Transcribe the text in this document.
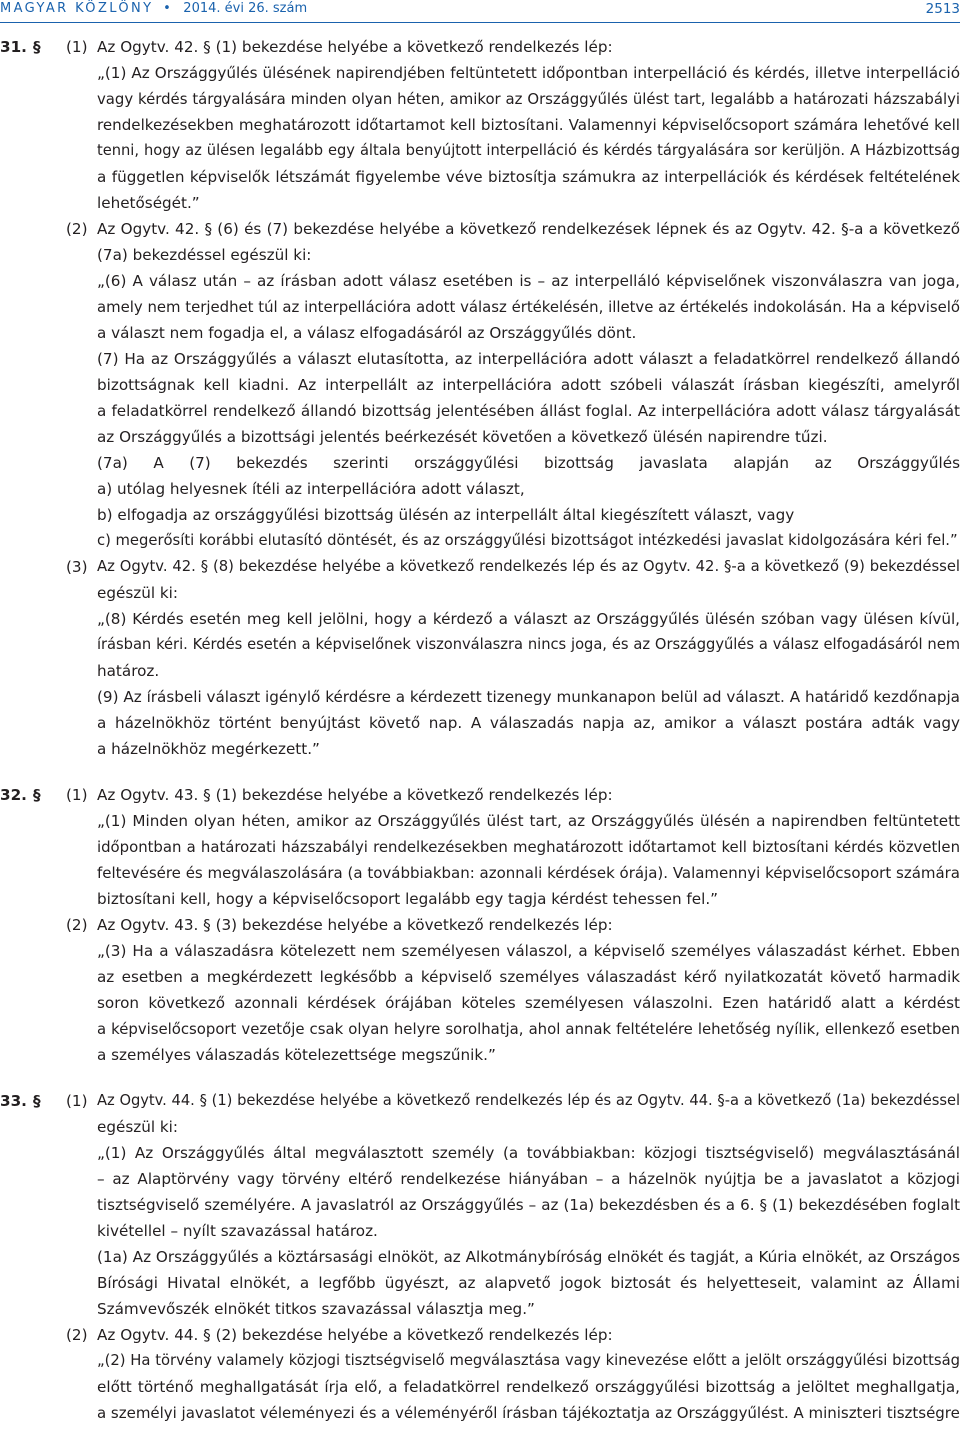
MAGYAR KÖZLÖNY • 2014. évi 26. szám	2513
31. § (1) Az Ogytv. 42. § (1) bekezdése helyébe a következő rendelkezés lép:
„(1) Az Országgyűlés ülésének napirendjében feltüntetett időpontban interpelláció és kérdés, illetve interpelláció
vagy kérdés tárgyalására minden olyan héten, amikor az Országgyűlés ülést tart, legalább a határozati házszabályi
rendelkezésekben meghatározott időtartamot kell biztosítani. Valamennyi képviselőcsoport számára lehetővé kell
tenni, hogy az ülésen legalább egy általa benyújtott interpelláció és kérdés tárgyalására sor kerüljön. A Házbizottság
a független képviselők létszámát figyelembe véve biztosítja számukra az interpellációk és kérdések feltételének
lehetőségét.”
(2) Az Ogytv. 42. § (6) és (7) bekezdése helyébe a következő rendelkezések lépnek és az Ogytv. 42. §-a a következő
(7a) bekezdéssel egészül ki:
„(6) A válasz után – az írásban adott válasz esetében is – az interpelláló képviselőnek viszonválaszra van joga,
amely nem terjedhet túl az interpellációra adott válasz értékelésén, illetve az értékelés indokolásán. Ha a képviselő
a választ nem fogadja el, a válasz elfogadásáról az Országgyűlés dönt.
(7) Ha az Országgyűlés a választ elutasította, az interpellációra adott választ a feladatkörrel rendelkező állandó
bizottságnak kell kiadni. Az interpellált az interpellációra adott szóbeli válaszát írásban kiegészíti, amelyről
a feladatkörrel rendelkező állandó bizottság jelentésében állást foglal. Az interpellációra adott válasz tárgyalását
az Országgyűlés a bizottsági jelentés beérkezését követően a következő ülésén napirendre tűzi.
(7a) A (7) bekezdés szerinti országgyűlési bizottság javaslata alapján az Országgyűlés
a) utólag helyesnek ítéli az interpellációra adott választ,
b) elfogadja az országgyűlési bizottság ülésén az interpellált által kiegészített választ, vagy
c) megerősíti korábbi elutasító döntését, és az országgyűlési bizottságot intézkedési javaslat kidolgozására kéri fel.”
(3) Az Ogytv. 42. § (8) bekezdése helyébe a következő rendelkezés lép és az Ogytv. 42. §-a a következő (9) bekezdéssel
egészül ki:
„(8) Kérdés esetén meg kell jelölni, hogy a kérdező a választ az Országgyűlés ülésén szóban vagy ülésen kívül,
írásban kéri. Kérdés esetén a képviselőnek viszonválaszra nincs joga, és az Országgyűlés a válasz elfogadásáról nem
határoz.
(9) Az írásbeli választ igénylő kérdésre a kérdezett tizenegy munkanapon belül ad választ. A határidő kezdőnapja
a házelnökhöz történt benyújtást követő nap. A válaszadás napja az, amikor a választ postára adták vagy
a házelnökhöz megérkezett.”
32. § (1) Az Ogytv. 43. § (1) bekezdése helyébe a következő rendelkezés lép:
„(1) Minden olyan héten, amikor az Országgyűlés ülést tart, az Országgyűlés ülésén a napirendben feltüntetett
időpontban a határozati házszabályi rendelkezésekben meghatározott időtartamot kell biztosítani kérdés közvetlen
feltevésére és megválaszolására (a továbbiakban: azonnali kérdések órája). Valamennyi képviselőcsoport számára
biztosítani kell, hogy a képviselőcsoport legalább egy tagja kérdést tehessen fel.”
(2) Az Ogytv. 43. § (3) bekezdése helyébe a következő rendelkezés lép:
„(3) Ha a válaszadásra kötelezett nem személyesen válaszol, a képviselő személyes válaszadást kérhet. Ebben
az esetben a megkérdezett legkésőbb a képviselő személyes válaszadást kérő nyilatkozatát követő harmadik
soron következő azonnali kérdések órájában köteles személyesen válaszolni. Ezen határidő alatt a kérdést
a képviselőcsoport vezetője csak olyan helyre sorolhatja, ahol annak feltételére lehetőség nyílik, ellenkező esetben
a személyes válaszadás kötelezettsége megszűnik.”
33. § (1) Az Ogytv. 44. § (1) bekezdése helyébe a következő rendelkezés lép és az Ogytv. 44. §-a a következő (1a) bekezdéssel
egészül ki:
„(1) Az Országgyűlés által megválasztott személy (a továbbiakban: közjogi tisztségviselő) megválasztásánál
– az Alaptörvény vagy törvény eltérő rendelkezése hiányában – a házelnök nyújtja be a javaslatot a közjogi
tisztségviselő személyére. A javaslatról az Országgyűlés – az (1a) bekezdésben és a 6. § (1) bekezdésében foglalt
kivétellel – nyílt szavazással határoz.
(1a) Az Országgyűlés a köztársasági elnököt, az Alkotmánybíróság elnökét és tagját, a Kúria elnökét, az Országos
Bírósági Hivatal elnökét, a legfőbb ügyészt, az alapvető jogok biztosát és helyetteseit, valamint az Állami
Számvevőszék elnökét titkos szavazással választja meg.”
(2) Az Ogytv. 44. § (2) bekezdése helyébe a következő rendelkezés lép:
„(2) Ha törvény valamely közjogi tisztségviselő megválasztása vagy kinevezése előtt a jelölt országgyűlési bizottság
előtt történő meghallgatását írja elő, a feladatkörrel rendelkező országgyűlési bizottság a jelöltet meghallgatja,
a személyi javaslatot véleményezi és a véleményéről írásban tájékoztatja az Országgyűlést. A miniszteri tisztségre
